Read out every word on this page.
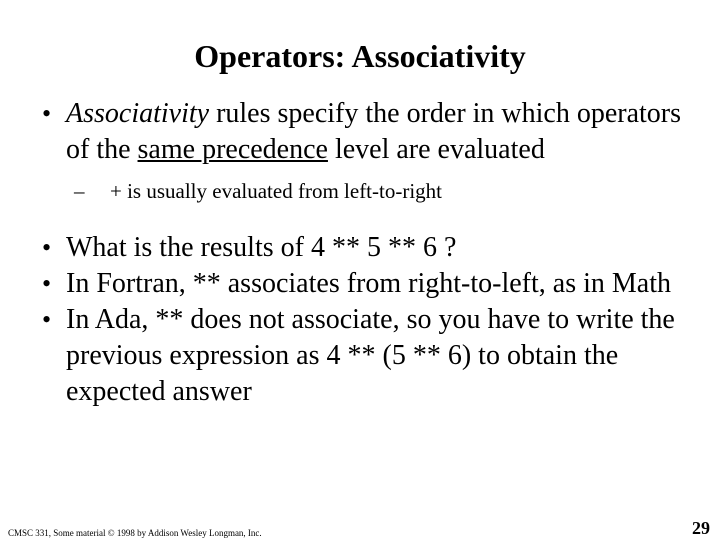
Operators: Associativity
• Associativity rules specify the order in which operators of the same precedence level are evaluated
– + is usually evaluated from left-to-right
• What is the results of 4 ** 5 ** 6 ?
• In Fortran, ** associates from right-to-left, as in Math
• In Ada, ** does not associate, so you have to write the previous expression as 4 ** (5 ** 6) to obtain the expected answer
CMSC 331, Some material © 1998 by Addison Wesley Longman, Inc.	29
